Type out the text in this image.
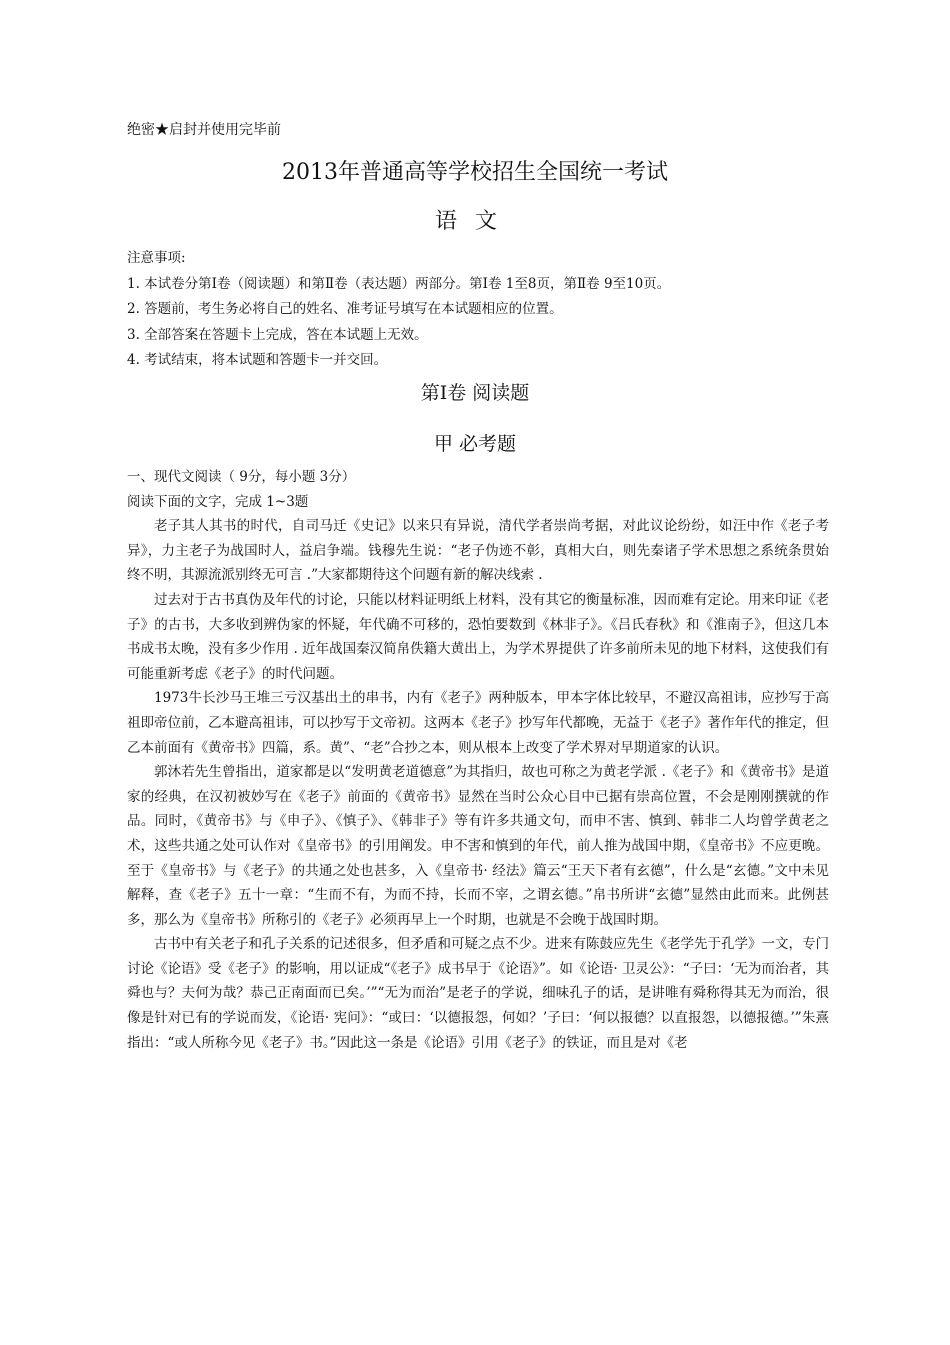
绝密★启封并使用完毕前
2013年普通高等学校招生全国统一考试
语文
注意事项:
1. 本试卷分第Ⅰ卷（阅读题）和第Ⅱ卷（表达题）两部分。第Ⅰ卷 1至8页，第Ⅱ卷 9至10页。
2. 答题前，考生务必将自己的姓名、准考证号填写在本试题相应的位置。
3. 全部答案在答题卡上完成，答在本试题上无效。
4. 考试结束，将本试题和答题卡一并交回。
第Ⅰ卷 阅读题
甲 必考题

一、现代文阅读（ 9分，每小题 3分）

阅读下面的文字，完成 1~3题

老子其人其书的时代，自司马迁《史记》以来只有异说，清代学者崇尚考据，对此议论纷纷，如汪中作《老子考异》，力主老子为战国时人，益启争端。钱穆先生说：“老子伪迹不彰，真相大白，则先秦诸子学术思想之系统条贯始终不明，其源流派别终无可言 .”大家都期待这个问题有新的解决线索 .

过去对于古书真伪及年代的讨论，只能以材料证明纸上材料，没有其它的衡量标准，因而难有定论。用来印证《老子》的古书，大多收到辨伪家的怀疑，年代确不可移的，恐怕要数到《林非子》。《吕氏春秋》和《淮南子》，但这几本书成书太晚，没有多少作用 . 近年战国秦汉简帛佚籍大黄出上，为学术界提供了许多前所未见的地下材料，这使我们有可能重新考虑《老子》的时代问题。

1973牛长沙马王堆三亏汉基出土的串书，内有《老子》两种版本，甲本字体比较早，不避汉高祖讳，应抄写于高祖即帝位前，乙本避高祖讳，可以抄写于文帝初。这两本《老子》抄写年代都晚，无益于《老子》著作年代的推定，但乙本前面有《黄帝书》四篇，系。黄”、“老”合抄之本，则从根本上改变了学术界对早期道家的认识。

郭沐若先生曾指出，道家都是以“发明黄老道德意”为其指归，故也可称之为黄老学派 .《老子》和《黄帝书》是道家的经典，在汉初被妙写在《老子》前面的《黄帝书》显然在当时公众心目中已据有崇高位置，不会是刚刚撰就的作品。同时，《黄帝书》与《申子》、《慎子》、《韩非子》等有许多共通文句，而申不害、慎到、韩非二人均曾学黄老之术，这些共通之处可认作对《皇帝书》的引用阐发。申不害和慎到的年代，前人推为战国中期，《皇帝书》不应更晚。至于《皇帝书》与《老子》的共通之处也甚多，入《皇帝书· 经法》篇云“王天下者有玄德”，什么是“玄德。”文中未见解释，查《老子》五十一章：“生而不有，为而不持，长而不宰，之谓玄德。”帛书所讲“玄德”显然由此而来。此例甚多，那么为《皇帝书》所称引的《老子》必须再早上一个时期，也就是不会晚于战国时期。

古书中有关老子和孔子关系的记述很多，但矛盾和可疑之点不少。进来有陈鼓应先生《老学先于孔学》一文，专门讨论《论语》受《老子》的影响，用以证成“《老子》成书早于《论语》”。如《论语· 卫灵公》：“子曰：‘无为而治者，其舜也与？夫何为哉？恭己正南面而已矣。’”“无为而治”是老子的学说，细味孔子的话，是讲唯有舜称得其无为而治，很像是针对已有的学说而发，《论语· 宪问》：“或曰：‘以德报怨，何如？’子曰：‘何以报德？以直报怨，以德报德。’”朱熹指出：“或人所称今见《老子》书。”因此这一条是《论语》引用《老子》的铁证，而且是对《老
